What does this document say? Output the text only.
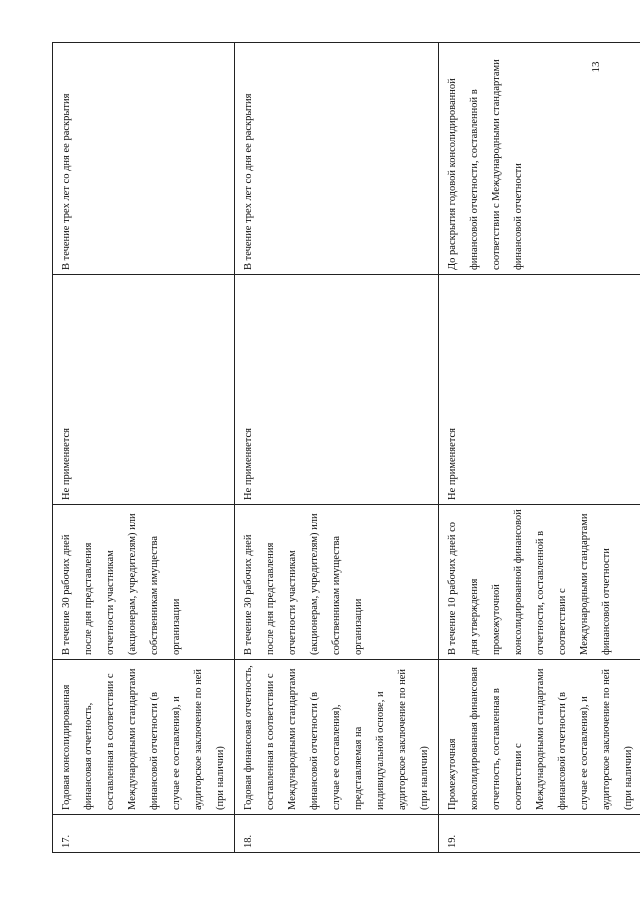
17.	Годовая консолидированная финансовая отчетность, составленная в соответствии с Международными стандартами финансовой отчетности (в случае ее составления), и аудиторское заключение по ней (при наличии)	В течение 30 рабочих дней после дня представления отчетности участникам (акционерам, учредителям) или собственникам имущества организации	Не применяется	В течение трех лет со дня ее раскрытия
18.	Годовая финансовая отчетность, составленная в соответствии с Международными стандартами финансовой отчетности (в случае ее составления), представляемая на индивидуальной основе, и аудиторское заключение по ней (при наличии)	В течение 30 рабочих дней после дня представления отчетности участникам (акционерам, учредителям) или собственникам имущества организации	Не применяется	В течение трех лет со дня ее раскрытия
19.	Промежуточная консолидированная финансовая отчетность, составленная в соответствии с Международными стандартами финансовой отчетности (в случае ее составления), и аудиторское заключение по ней (при наличии)	В течение 10 рабочих дней со дня утверждения промежуточной консолидированной финансовой отчетности, составленной в соответствии с Международными стандартами финансовой отчетности	Не применяется	До раскрытия годовой консолидированной финансовой отчетности, составленной в соответствии с Международными стандартами финансовой отчетности
13
